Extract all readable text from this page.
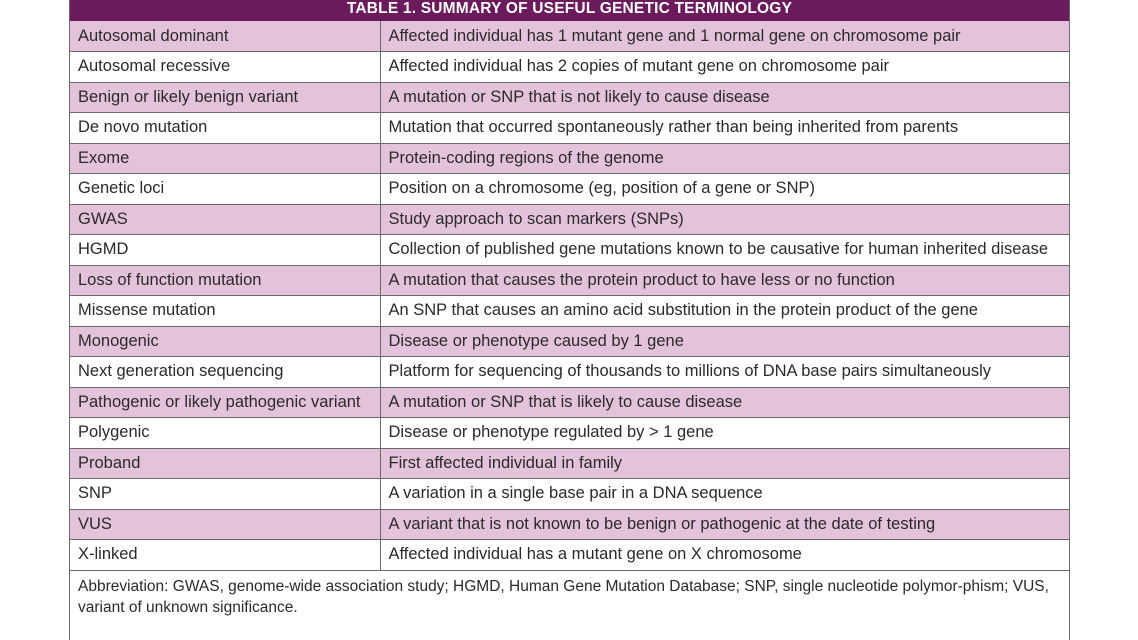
TABLE 1. SUMMARY OF USEFUL GENETIC TERMINOLOGY
Autosomal dominant	Affected individual has 1 mutant gene and 1 normal gene on chromosome pair
Autosomal recessive	Affected individual has 2 copies of mutant gene on chromosome pair
Benign or likely benign variant	A mutation or SNP that is not likely to cause disease
De novo mutation	Mutation that occurred spontaneously rather than being inherited from parents
Exome	Protein-coding regions of the genome
Genetic loci	Position on a chromosome (eg, position of a gene or SNP)
GWAS	Study approach to scan markers (SNPs)
HGMD	Collection of published gene mutations known to be causative for human inherited disease
Loss of function mutation	A mutation that causes the protein product to have less or no function
Missense mutation	An SNP that causes an amino acid substitution in the protein product of the gene
Monogenic	Disease or phenotype caused by 1 gene
Next generation sequencing	Platform for sequencing of thousands to millions of DNA base pairs simultaneously
Pathogenic or likely pathogenic variant	A mutation or SNP that is likely to cause disease
Polygenic	Disease or phenotype regulated by > 1 gene
Proband	First affected individual in family
SNP	A variation in a single base pair in a DNA sequence
VUS	A variant that is not known to be benign or pathogenic at the date of testing
X-linked	Affected individual has a mutant gene on X chromosome
Abbreviation: GWAS, genome-wide association study; HGMD, Human Gene Mutation Database; SNP, single nucleotide polymor-phism; VUS, variant of unknown significance.
